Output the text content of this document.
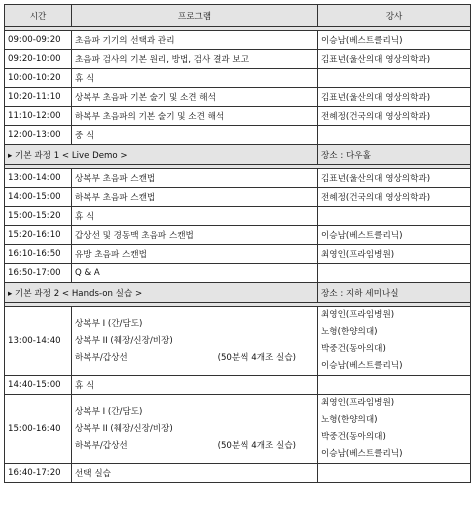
시간	프로그램	강사

09:00-09:20	초음파 기기의 선택과 관리	이승남(베스트클리닉)
09:20-10:00	초음파 검사의 기본 원리, 방법, 검사 결과 보고	김표년(울산의대 영상의학과)
10:00-10:20	휴 식	
10:20-11:10	상복부 초음파 기본 술기 및 소견 해석	김표년(울산의대 영상의학과)
11:10-12:00	하복부 초음파의 기본 술기 및 소견 해석	전혜정(건국의대 영상의학과)
12:00-13:00	중 식	
▸ 기본 과정 1 < Live Demo >		장소 : 다우홀

13:00-14:00	상복부 초음파 스캔법	김표년(울산의대 영상의학과)
14:00-15:00	하복부 초음파 스캔법	전혜정(건국의대 영상의학과)
15:00-15:20	휴 식	
15:20-16:10	갑상선 및 경동맥 초음파 스캔법	이승남(베스트클리닉)
16:10-16:50	유방 초음파 스캔법	최영인(프라임병원)
16:50-17:00	Q & A	
▸ 기본 과정 2 < Hands-on 실습 >		장소 : 지하 세미나실

13:00-14:40	상복부 I (간/담도)
상복부 II (췌장/신장/비장)
하복부/갑상선 (50분씩 4개조 실습)	최영인(프라임병원)
노형(한양의대)
박중건(동아의대)
이승남(베스트클리닉)

14:40-15:00	휴 식	
15:00-16:40	상복부 I (간/담도)
상복부 II (췌장/신장/비장)
하복부/갑상선 (50분씩 4개조 실습)	최영인(프라임병원)
노형(한양의대)
박중건(동아의대)
이승남(베스트클리닉)

16:40-17:20	선택 실습	
